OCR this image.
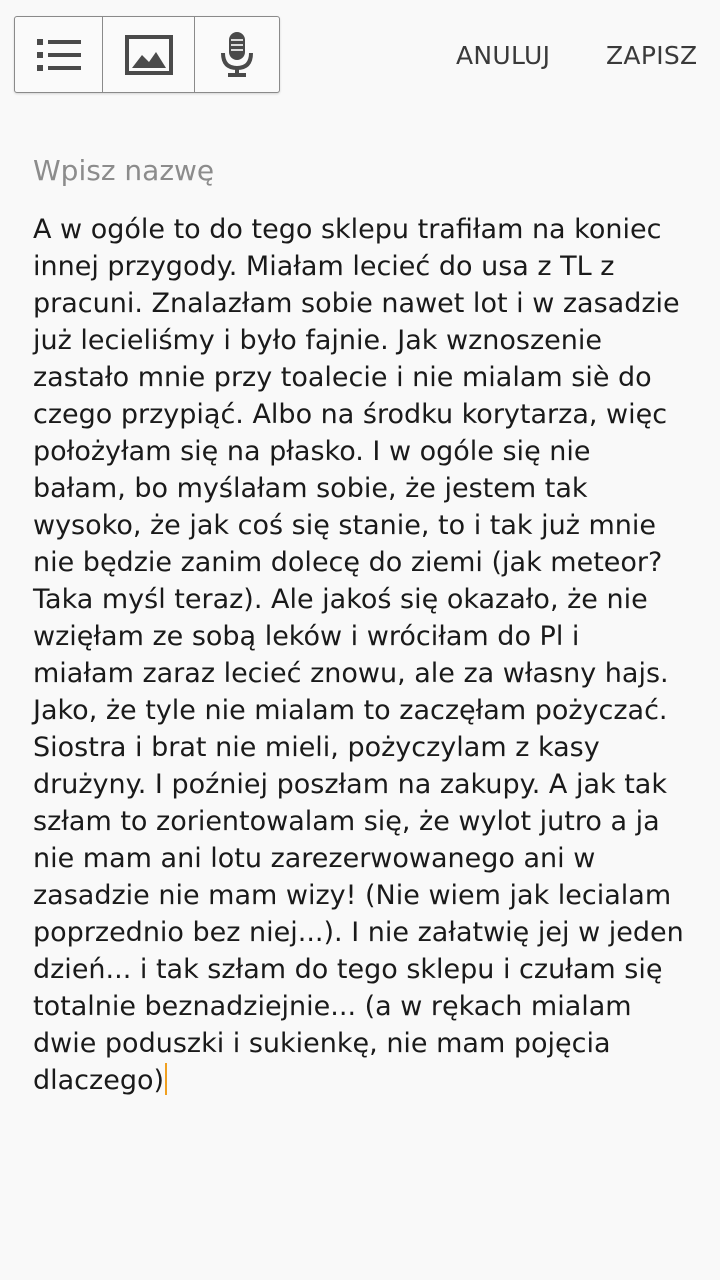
ANULUJ ZAPISZ
Wpisz nazwę
A w ogóle to do tego sklepu trafiłam na koniec
innej przygody. Miałam lecieć do usa z TL z
pracuni. Znalazłam sobie nawet lot i w zasadzie
już lecieliśmy i było fajnie. Jak wznoszenie
zastało mnie przy toalecie i nie mialam siè do
czego przypiąć. Albo na środku korytarza, więc
położyłam się na płasko. I w ogóle się nie
bałam, bo myślałam sobie, że jestem tak
wysoko, że jak coś się stanie, to i tak już mnie
nie będzie zanim dolecę do ziemi (jak meteor?
Taka myśl teraz). Ale jakoś się okazało, że nie
wzięłam ze sobą leków i wróciłam do Pl i
miałam zaraz lecieć znowu, ale za własny hajs.
Jako, że tyle nie mialam to zaczęłam pożyczać.
Siostra i brat nie mieli, pożyczylam z kasy
drużyny. I poźniej poszłam na zakupy. A jak tak
szłam to zorientowalam się, że wylot jutro a ja
nie mam ani lotu zarezerwowanego ani w
zasadzie nie mam wizy! (Nie wiem jak lecialam
poprzednio bez niej...). I nie załatwię jej w jeden
dzień... i tak szłam do tego sklepu i czułam się
totalnie beznadziejnie... (a w rękach mialam
dwie poduszki i sukienkę, nie mam pojęcia
dlaczego)
